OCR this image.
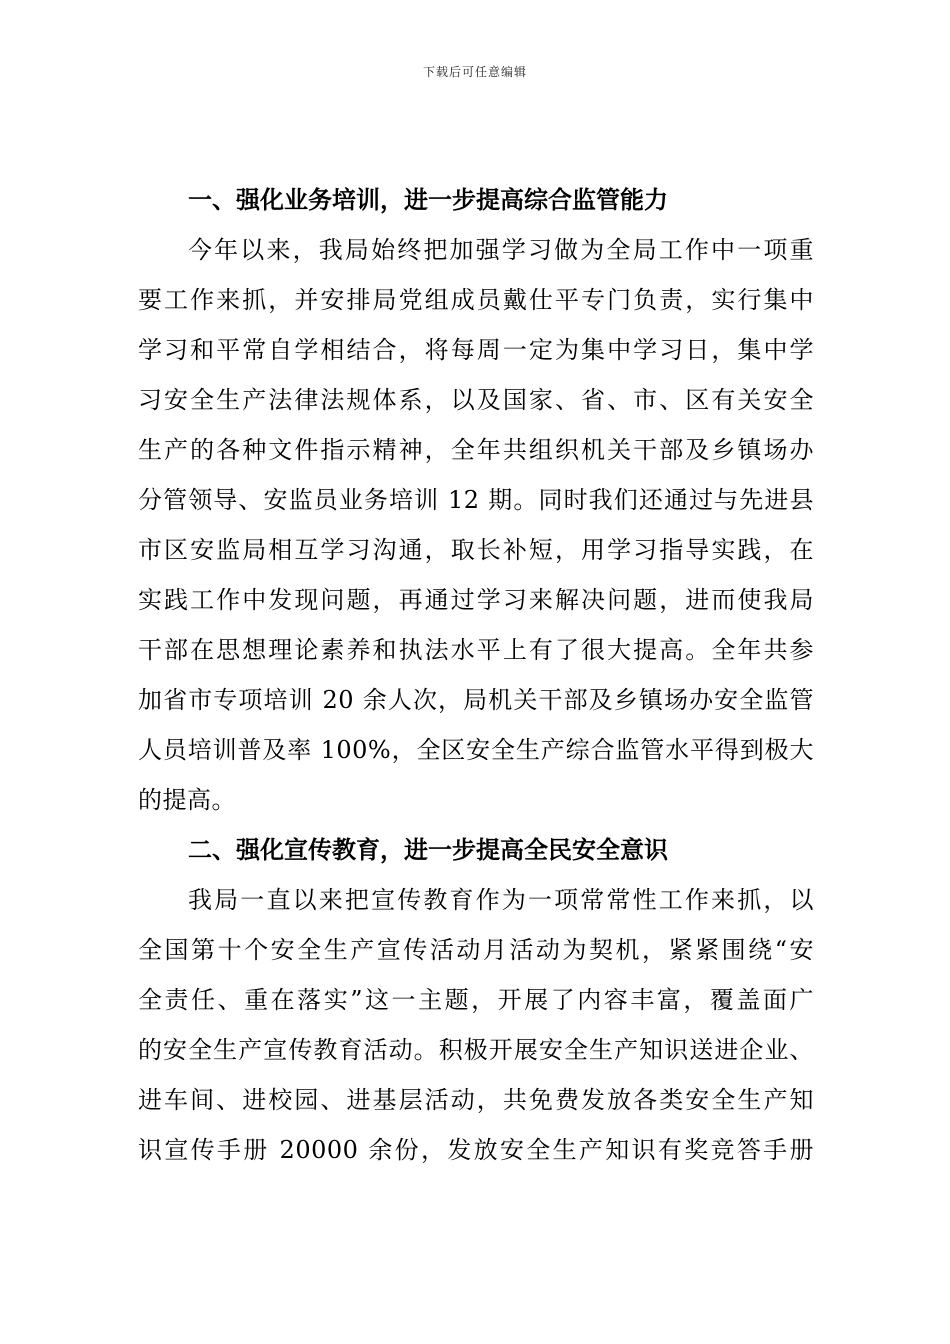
下载后可任意编辑
一、强化业务培训，进一步提高综合监管能力
今年以来，我局始终把加强学习做为全局工作中一项重
要工作来抓，并安排局党组成员戴仕平专门负责，实行集中
学习和平常自学相结合，将每周一定为集中学习日，集中学
习安全生产法律法规体系，以及国家、省、市、区有关安全
生产的各种文件指示精神，全年共组织机关干部及乡镇场办
分管领导、安监员业务培训 12 期。同时我们还通过与先进县
市区安监局相互学习沟通，取长补短，用学习指导实践，在
实践工作中发现问题，再通过学习来解决问题，进而使我局
干部在思想理论素养和执法水平上有了很大提高。全年共参
加省市专项培训 20 余人次，局机关干部及乡镇场办安全监管
人员培训普及率 100%，全区安全生产综合监管水平得到极大
的提高。
二、强化宣传教育，进一步提高全民安全意识
我局一直以来把宣传教育作为一项常常性工作来抓，以
全国第十个安全生产宣传活动月活动为契机，紧紧围绕“安
全责任、重在落实”这一主题，开展了内容丰富，覆盖面广
的安全生产宣传教育活动。积极开展安全生产知识送进企业、
进车间、进校园、进基层活动，共免费发放各类安全生产知
识宣传手册 20000 余份，发放安全生产知识有奖竞答手册
